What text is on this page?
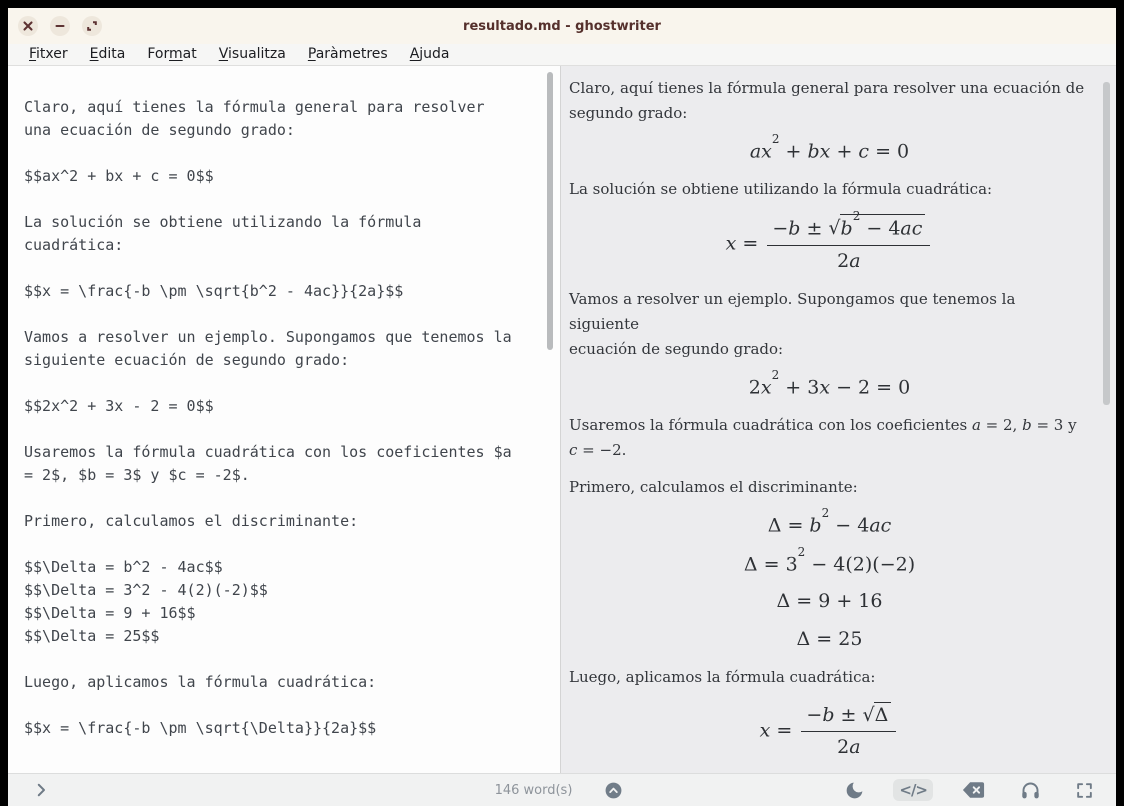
resultado.md - ghostwriter
Fitxer	Edita	Format	Visualitza	Paràmetres	Ajuda
Claro, aquí tienes la fórmula general para resolver
una ecuación de segundo grado:

$$ax^2 + bx + c = 0$$

La solución se obtiene utilizando la fórmula
cuadrática:

$$x = \frac{-b \pm \sqrt{b^2 - 4ac}}{2a}$$

Vamos a resolver un ejemplo. Supongamos que tenemos la
siguiente ecuación de segundo grado:

$$2x^2 + 3x - 2 = 0$$

Usaremos la fórmula cuadrática con los coeficientes $a
= 2$, $b = 3$ y $c = -2$.

Primero, calculamos el discriminante:

$$\Delta = b^2 - 4ac$$
$$\Delta = 3^2 - 4(2)(-2)$$
$$\Delta = 9 + 16$$
$$\Delta = 25$$

Luego, aplicamos la fórmula cuadrática:

$$x = \frac{-b \pm \sqrt{\Delta}}{2a}$$

Claro, aquí tienes la fórmula general para resolver una ecuación de
segundo grado:

$ax^2$ + bx + c = 0

La solución se obtiene utilizando la fórmula cuadrática:

$x = \frac{-b \pm √b^2 - 4ac}{2a}$

Vamos a resolver un ejemplo. Supongamos que tenemos la siguiente
ecuación de segundo grado:

$2x^2 + 3x - 2 = 0$

Usaremos la fórmula cuadrática con los coeficientes a = 2, b = 3 y
c = −2.

Primero, calculamos el discriminante:

$\Delta = b^2 - 4ac$
$\Delta = 3^2 - 4(2)(-2)$
Δ = 9 + 16
Δ = 25

Luego, aplicamos la fórmula cuadrática:

$x = \frac{-b \pm √\Delta}{2a}$
146 word(s)	</>
